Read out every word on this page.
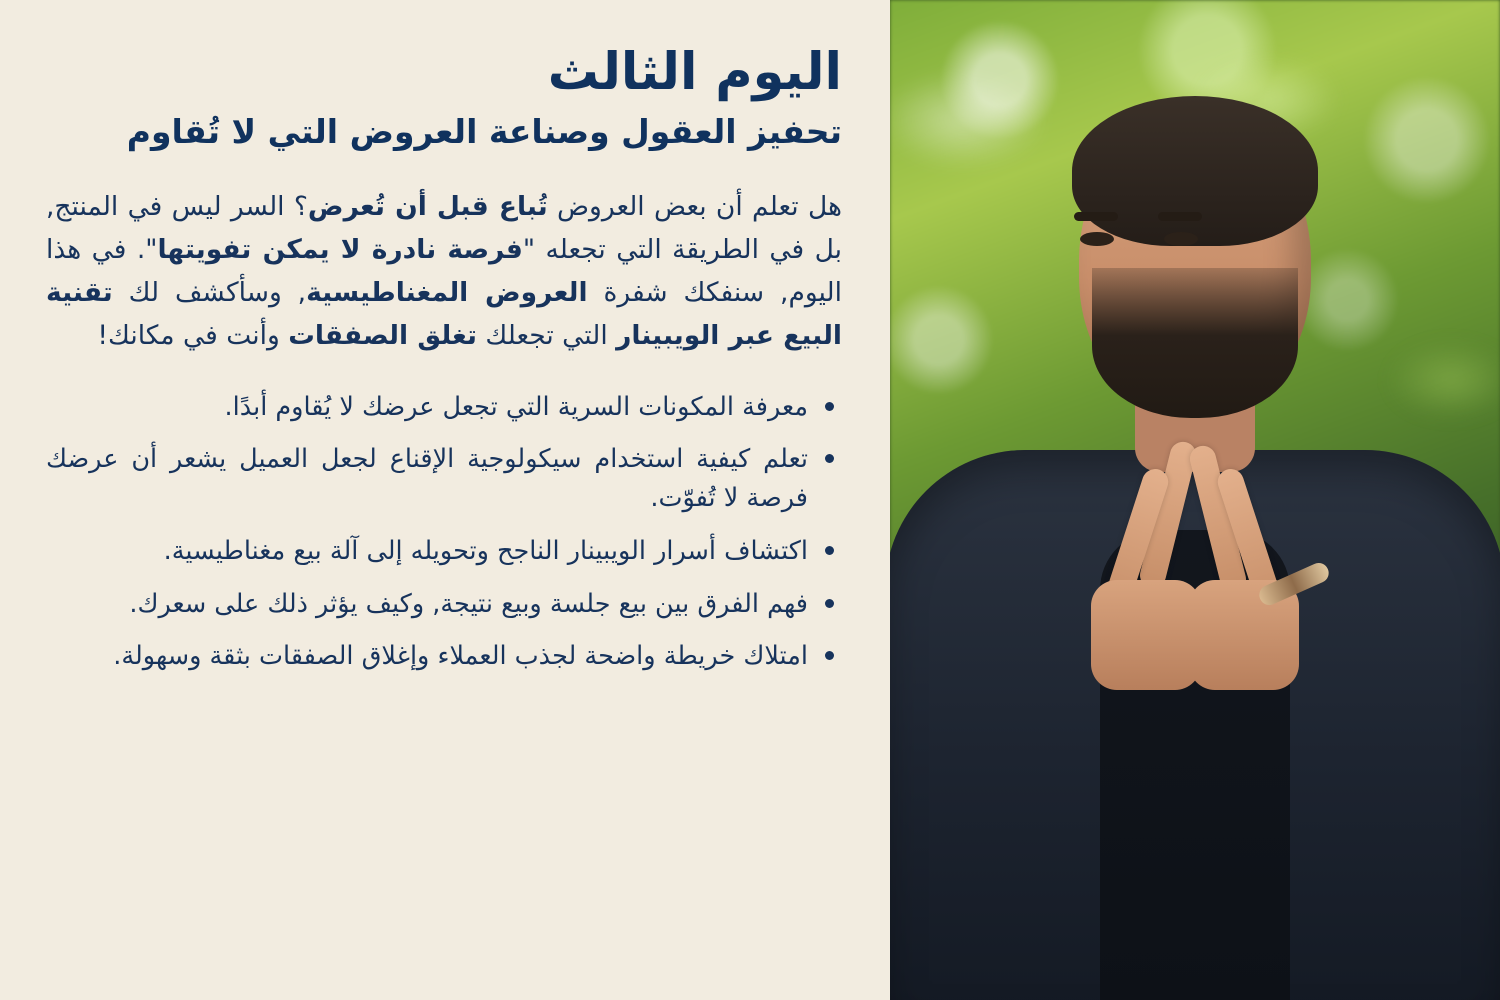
اليوم الثالث
تحفيز العقول وصناعة العروض التي لا تُقاوم

هل تعلم أن بعض العروض تُباع قبل أن تُعرض؟ السر ليس في المنتج, بل في الطريقة التي تجعله "فرصة نادرة لا يمكن تفويتها". في هذا اليوم, سنفكك شفرة العروض المغناطيسية, وسأكشف لك تقنية البيع عبر الويبينار التي تجعلك تغلق الصفقات وأنت في مكانك!

معرفة المكونات السرية التي تجعل عرضك لا يُقاوم أبدًا.
تعلم كيفية استخدام سيكولوجية الإقناع لجعل العميل يشعر أن عرضك فرصة لا تُفوّت.
اكتشاف أسرار الويبينار الناجح وتحويله إلى آلة بيع مغناطيسية.
فهم الفرق بين بيع جلسة وبيع نتيجة, وكيف يؤثر ذلك على سعرك.
امتلاك خريطة واضحة لجذب العملاء وإغلاق الصفقات بثقة وسهولة.
